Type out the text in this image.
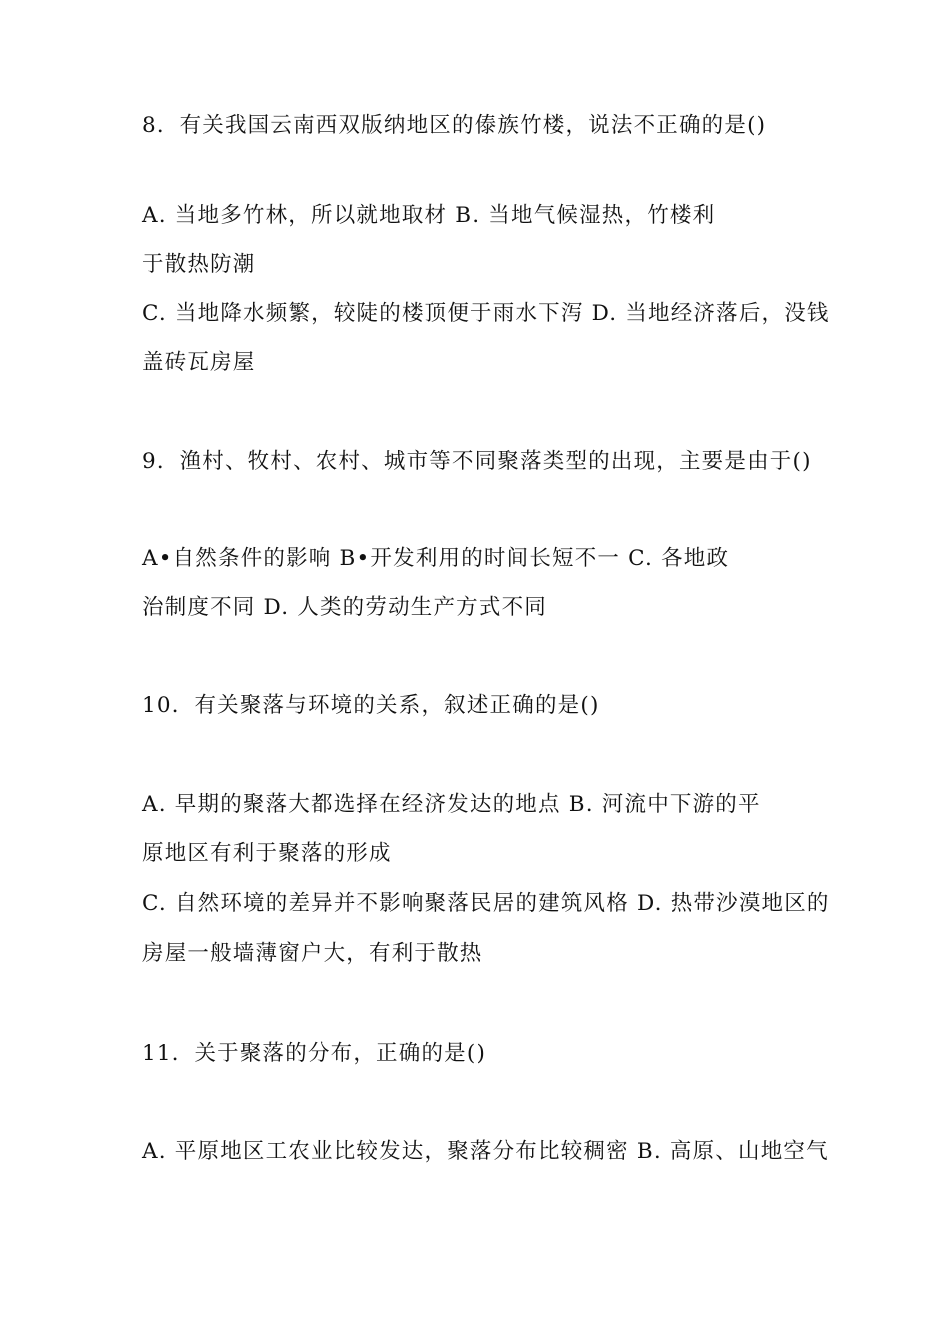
8．有关我国云南西双版纳地区的傣族竹楼，说法不正确的是()
A. 当地多竹林，所以就地取材 B. 当地气候湿热，竹楼利
于散热防潮
C. 当地降水频繁，较陡的楼顶便于雨水下泻 D. 当地经济落后，没钱
盖砖瓦房屋
9．渔村、牧村、农村、城市等不同聚落类型的出现，主要是由于()
A•自然条件的影响 B•开发利用的时间长短不一 C. 各地政
治制度不同 D. 人类的劳动生产方式不同
10．有关聚落与环境的关系，叙述正确的是()
A. 早期的聚落大都选择在经济发达的地点 B. 河流中下游的平
原地区有利于聚落的形成
C. 自然环境的差异并不影响聚落民居的建筑风格 D. 热带沙漠地区的
房屋一般墙薄窗户大，有利于散热
11．关于聚落的分布，正确的是()
A. 平原地区工农业比较发达，聚落分布比较稠密 B. 高原、山地空气
